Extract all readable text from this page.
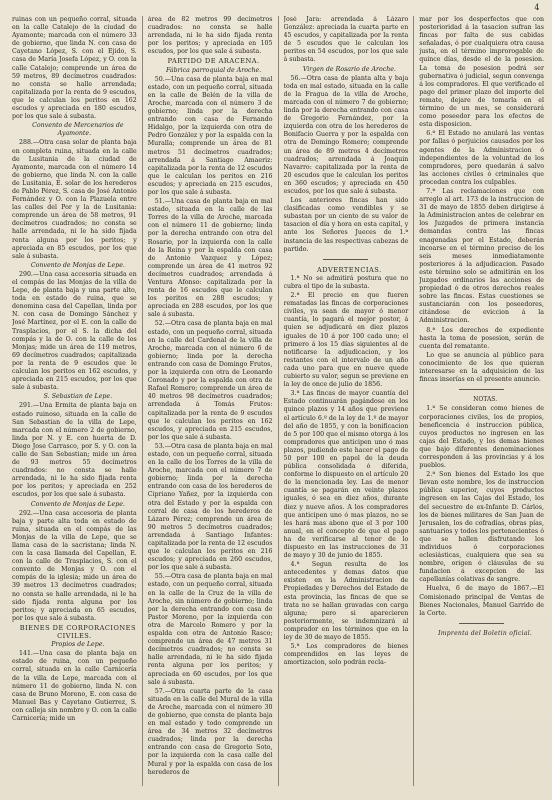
4

ruinas con un pequeño corral, situada en la calle Catalejo de la ciudad de Ayamonte; marcada con el número 33 de gobierno, que linda N. con casa de Cayetano López, S. con el Ejido, S. casa de María Josefa López, y O. con la calle Catalejo; comprende un área de 59 metros, 89 decímetros cuadrados: no consta se halle arrendada; capitalizada por la renta de 9 escudos, que le calculan los peritos en 162 escudos y apreciada en 180 escudos, por los que sale á subasta.

Convento de Mercenarios de Ayamonte.

288.—Otra casa solar de planta baja en completa ruina, situada en la calle de Lusitania de la ciudad de Ayamonte, marcada con el número 14 de gobierno, que linda N. con la calle de Lusitania, E. solar de los herederos de Pablo Pérez, S. casa de José Antonio Fernández y O. con la Plazuela entre las calles del Por y la de Lusitania: comprende un área de 58 metros, 91 decímetros cuadrados; no consta se halle arrendada, ni le ha sido fijada renta alguna por los peritos; y apreciada en 85 escudos, por los que sale á subasta.

Convento de Monjas de Lepe.

290.—Una casa accesoria situada en el compás de las Monjas de la villa de Lepe, de planta baja y una parte alto, toda en estado de ruina, que se denomina casa del Capellan, linda por N. con casa de Domingo Sánchez y José Martínez, por el E. con la calle de Trasplacios, por el S. la dicha del compás y la de O. con la calle de los Monjas; mide un área de 119 metros, 69 decímetros cuadrados; capitalizada por la renta de 9 escudos que le calculan los peritos en 162 escudos, y apreciada en 215 escudos, por los que sale á subasta.

S. Sebastian de Lepe.

291.—Una Ermita de planta baja en estado ruinoso, situada en la calle de San Sebastian de la villa de Lepe, marcada con el número 2 de gobierno, linda por N. y E. con huerta de D. Diego Jose Carrasco, por S. y O. con la calle de San Sebastian; mide un área de 93 metros 55 decímetros cuadrados: no consta se halle arrendada, ni le ha sido fijada renta por los peritos; y apreciada en 252 escudos, por los que sale á subasta.

Convento de Monjas de Lepe.

292.—Una casa accesoria de planta baja y parte alta toda en estado de ruina, situada en el compás de las Monjas de la villa de Lepe, que se llama casa de la sacristana; linda N. con la casa llamada del Capellan, E. con la calle de Trasplacios, S. con el convento de Monjas y O. con el compás de la iglesia; mide un área de 39 metros 13 decímetros cuadrados; no consta se halle arrendada, ni le ha sido fijada renta alguna por los peritos; y apreciada en 65 escudos, por los que sale á subasta.

BIENES DE CORPORACIONES CIVILES.

Propios de Lepe.

141.—Una casa de planta baja en estado de ruina, con un pequeño corral, situada en la calle Carnicería de la villa de Lepe, marcada con el número 11 de gobierno, linda N. con casa de Bruno Moreno, E. con casa de Manuel Bas y Cayetano Gutierrez, S. con calleja sin nombre y O. con la calle Carnicería; mide un

área de 82 metros 99 decímetros cuadrados: no consta se halle arrendada, ni le ha sido fijada renta por los peritos; y apreciada en 105 escudos, por los que sale á subasta.

PARTIDO DE ARACENA.

Fábrica parroquial de Aroche.

50.—Una casa de planta baja en mal estado, con un pequeño corral, situada en la calle de Belén de la villa de Aroche, marcada con el número 3 de gobierno; linda por la derecha entrando con casa de Fernando Hidalgo, por la izquierda con otra de Pedro González y por la espalda con la Muralla; comprende un área de 81 metros 51 decímetros cuadrados; arrendada á Santiago Amaeriz: capitalizada por la renta de 12 escudos que le calculan los peritos en 216 escudos; y apreciada en 215 escudos, por los que sale á subasta.

51.—Una casa de planta baja en mal estado, situada en la calle de las Torres de la villa de Aroche, marcada con el número 11 de gobierno; linda por la derecha entrando con otra del Rosario, por la izquierda con la calle de la Reina y por la espalda con casa de Antonio Vazquez y López; comprende un área de 41 metros 92 decímetros cuadrados; arrendada á Ventura Afonso: capitalizada por la renta de 16 escudos que le calculan los peritos en 288 escudos; y apreciada en 288 escudos, por los que sale á subasta.

52.—Otra casa de planta baja en mal estado, con un pequeño corral, situada en la calle del Cardenal de la villa de Aroche, marcada con el número 6 de gobierno; linda por la derecha entrando con casa de Domingo Frutos, por la izquierda con otra de Leonardo Coronado y por la espalda con otra de Rafael Romero; comprende un área de 40 metros 98 decímetros cuadrados; arrendada á Tomás Frutos: capitalizada por la renta de 9 escudos que le calculan los peritos en 162 escudos, y apreciada en 215 escudos, por los que sale á subasta.

53.—Otra casa de planta baja en mal estado, con un pequeño corral, situada en la calle de los Torres de la villa de Aroche, marcada con el número 7 de gobierno; linda por la derecha entrando con casa de los herederos de Cipriano Yañez, por la izquierda con otra del Estado y por la espalda con corral de casa de los herederos de Lázaro Pérez; comprende un área de 90 metros 5 decímetros cuadrados; arrendada á Santiago Infantes: capitalizada por la renta de 12 escudos que le calculan los peritos en 216 escudos; y apreciada en 260 escudos, por los que sale á subasta.

55.—Otra casa de planta baja en mal estado, con un pequeño corral, situada en la calle de la Cruz de la villa de Aroche, sin número de gobierno; linda por la derecha entrando con casa de Pastor Moreno, por la izquierda con otra de Marcelo Romero y por la espalda con otra de Antonio Rasco; comprende un área de 47 metros 31 decímetros cuadrados; no consta se halle arrendada, ni le ha sido fijada renta alguna por los peritos; y apreciada en 60 escudos, por los que sale á subasta.

57.—Otra cuarta parte de la casa situada en la calle del Mural de la villa de Aroche, marcada con el número 30 de gobierno, que consta de planta baja en mal estado y todo comprende un área de 34 metros 32 decímetros cuadrados; linda por la derecha entrando con casa de Gregorio Soto, por la izquierda con la casa calle del Mural y por la espalda con casa de los herederos de

José Jara: arrendada á Lázaro González: apreciada la cuarta parte en 45 escudos, y capitalizada por la renta de 5 escudos que le calculan los peritos en 54 escudos, por los que sale á subasta.

Virgen de Rosario de Aroche.

56.—Otra casa de planta alta y baja toda en mal estado, situada en la calle de la Fragua de la villa de Aroche, marcada con el número 7 de gobierno; linda por la derecha entrando con casa de Gregorio Fernández, por la izquierda con otra de los herederos de Bonifacio Guerra y por la espalda con otra de Domingo Romero; comprende un área de 89 metros 4 decímetros cuadrados; arrendada á Joaquin Navarro: capitalizada por la renta de 20 escudos que le calculan los peritos en 360 escudos; y apreciada en 450 escudos, por los que sale á subasta.

Los anteriores fincas han sido clasificadas como vendibles y se subastan por un ciento de su valor de tasacion el día y hora en esta capital, y ante los Señores Jueces de 1.ª instancia de las respectivas cabezas de partido.

ADVERTENCIAS.

1.ª No se admitirá postura que no cubra el tipo de la subasta.

2.ª El precio en que fueren rematadas las fincas de corporaciones civiles, ya sean de mayor ó menor cuantía, lo pagará el mejor postor, á quien se adjudicará en diez plazos iguales de 10 á por 100 cada uno; el primero á los 15 días siguientes al de notificarse la adjudicacion, y los restantes con el intervalo de un año cada uno para que en nueve quede cubierto su valor, segun se previene en la ley de once de julio de 1856.

3.ª Las fincas de mayor cuantía del Estado continuarán pagándose en los quince plazos y 14 años que previene el artículo 6.º de la ley de 1.º de mayor del año de 1855, y con la bonificacion de 5 por 100 que el mismo otorga á los compradores que anticipen uno ó mas plazos, pudiendo este hacer el pago de 50 por 100 en papel de la deuda pública consolidada ó diferida, conforme lo dispuesto en el artículo 20 de la mencionada ley. Las de menor cuantía se pagarán en veinte plazos iguales, ó sea en diez años, durante diez y nueve años. A los compradores que anticipen uno ó mas plazos, no se les hará mas abono que el 3 por 100 anual, en el concepto de que el pago ha de verificarse al tenor de lo dispuesto en las instrucciones de 31 de mayo y 30 de junio de 1855.

4.ª Segun resulta de los antecedentes y demas datos que existen en la Administracion de Propiedades y Derechos del Estado de esta provincia, las fincas de que se trata no se hallan gravadas con carga alguna; pero si aparecieren posteriormente, se indemnizará al comprador en los términos que en la ley de 30 de mayo de 1855.

5.ª Los compradores de bienes comprendidos en las leyes de amortizacion, solo podrán recla-

mar por los desperfectos que con posterioridad á la tasacion sufran las fincas por falta de sus cabidas señaladas, ó por cualquiera otra causa justa, en el término improrogable de quince días, desde el de la posesion. La toma de posesion podrá ser gubernativa ó judicial, segun convenga á los compradores. El que verificado el pago del primer plazo del importe del remate, dejare de tomarla en el término de un mes, se considerará como poseedor para los efectos de esta disposicion.

6.ª El Estado no anulará las ventas por fallas ó perjuicios causados por los agentes de la Administracion ó independientes de la voluntad de los compradores, pero quedarán á salvo las acciones civiles ó criminales que procedan contra los culpables.

7.ª Las reclamaciones que con arreglo al art. 173 de la instruccion de 31 de mayo de 1855 deben dirigirse á la Administracion antes de celebrar en los Juzgados de primera instancia demandas contra las fincas enagenadas por el Estado, deberán incoarse en el término preciso de los seis meses inmediatamente posteriores á la adjudicacion. Pasado este término solo se admitirán en los Juzgados ordinarios las acciones de propiedad ó de otros derechos reales sobre las fincas. Estas cuestiones se sustanciarán con los poseedores, citándose de eviccion á la Administracion.

8.ª Los derechos de expediente hasta la toma de posesion, serán de cuenta del rematante.

Lo que se anuncia al público para conocimiento de los que quieran interesarse en la adquisicion de las fincas inserías en el presente anuncio.

NOTAS.

1.ª Se consideran como bienes de corporaciones civiles, los de propios, beneficencia é instruccion pública, cuyos productos no ingresen en las cajas del Estado, y los demas bienes que bajo diferentes denominaciones corresponden á las provincias y á los pueblos.

2.ª Son bienes del Estado los que llevan este nombre, los de instruccion pública superior, cuyos productos ingresen en las Cajas del Estado, los del secuestro de ex-Infante D. Cárlos, los de bienes militares de San Juan de Jerusalen, los de cofradías, obras pías, santuarios y todos los pertenecientes ó que se hallen disfrutando los individuos ó corporaciones eclesiásticas, cualquiera que sea su nombre, origen ó cláusulas de su fundacion á excepcion de las capellanías colativas de sangre.

Huelva, 6 de mayo de 1867.—El Comisionado principal de Ventas de Bienes Nacionales, Manuel Garrido de la Corte.

Imprenta del Boletin oficial.
